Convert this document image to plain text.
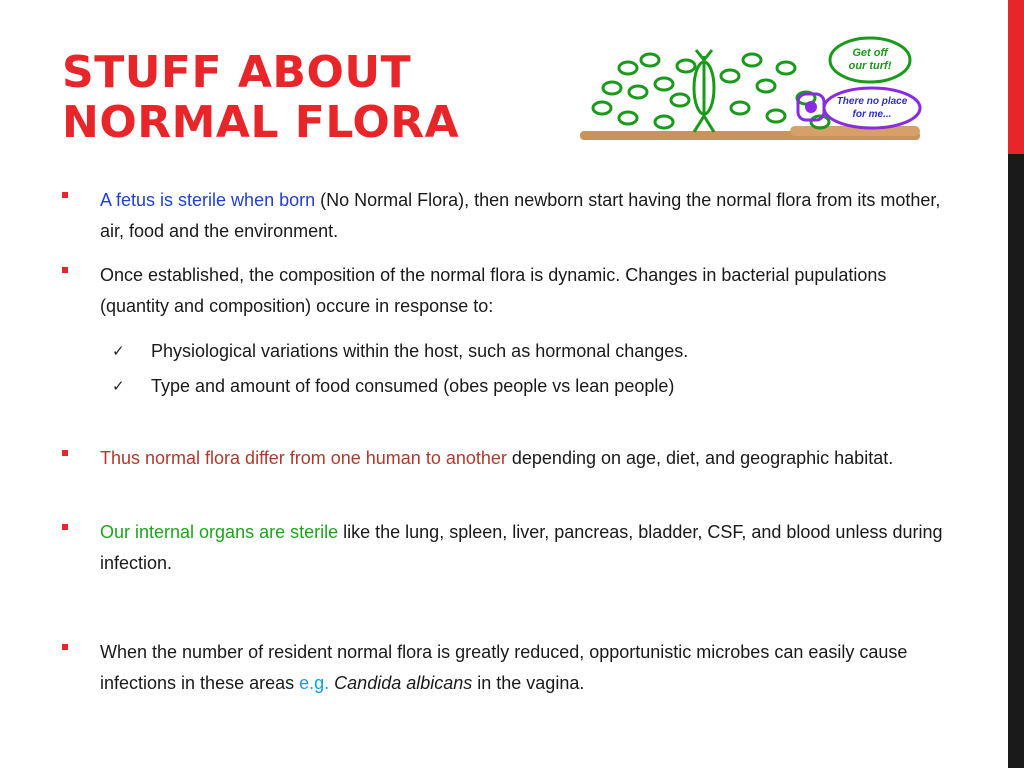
STUFF ABOUT
NORMAL FLORA
Get off
our turf!
There no place
for me...
A fetus is sterile when born (No Normal Flora), then newborn start having the normal flora from its mother, air, food and the environment.
Once established, the composition of the normal flora is dynamic. Changes in bacterial pupulations (quantity and composition) occure in response to:
✓ Physiological variations within the host, such as hormonal changes.
✓ Type and amount of food consumed (obes people vs lean people)
Thus normal flora differ from one human to another depending on age, diet, and geographic habitat.
Our internal organs are sterile like the lung, spleen, liver, pancreas, bladder, CSF, and blood unless during infection.
When the number of resident normal flora is greatly reduced, opportunistic microbes can easily cause infections in these areas e.g. Candida albicans in the vagina.
